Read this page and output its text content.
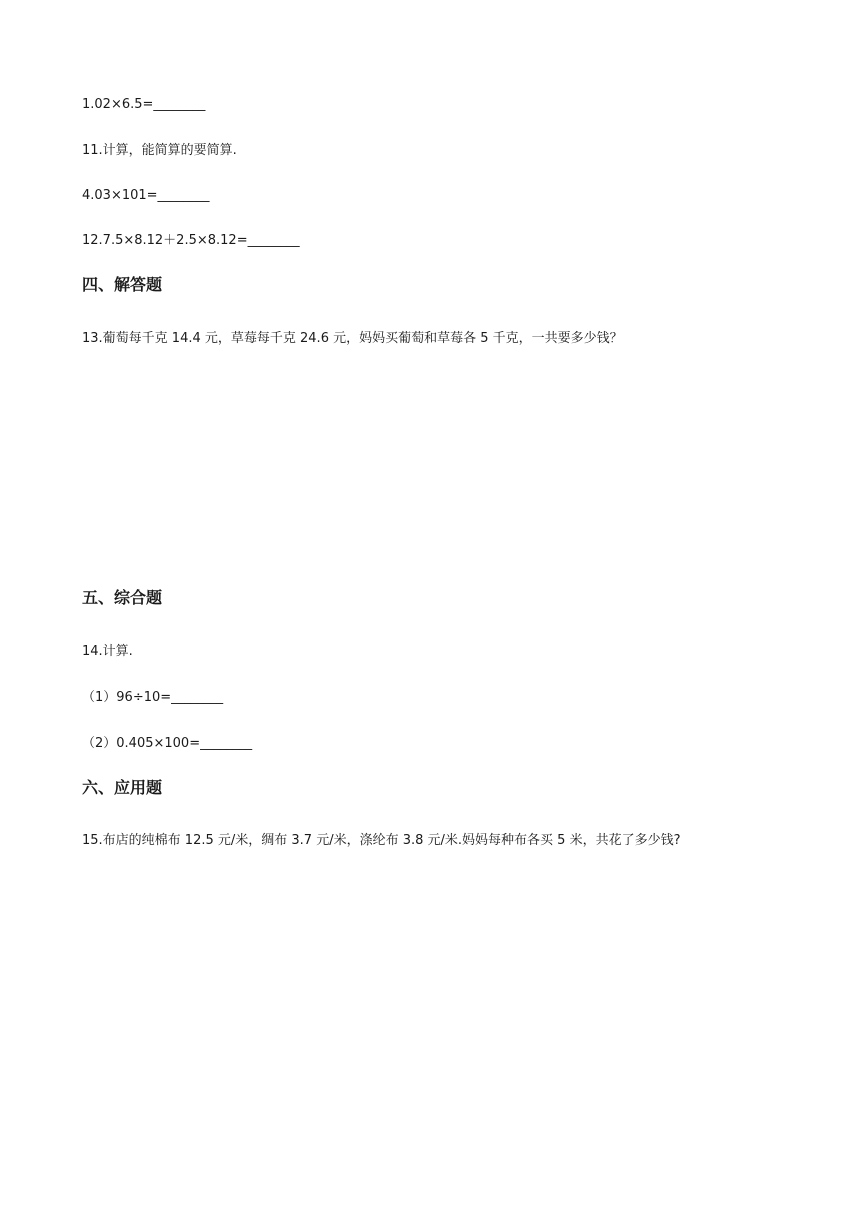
1.02×6.5=________
11.计算，能简算的要简算.
4.03×101=________
12.7.5×8.12＋2.5×8.12=________
四、解答题
13.葡萄每千克 14.4 元，草莓每千克 24.6 元，妈妈买葡萄和草莓各 5 千克，一共要多少钱？
五、综合题
14.计算.
（1）96÷10=________
（2）0.405×100=________
六、应用题
15.布店的纯棉布 12.5 元/米，绸布 3.7 元/米，涤纶布 3.8 元/米.妈妈每种布各买 5 米，共花了多少钱?
